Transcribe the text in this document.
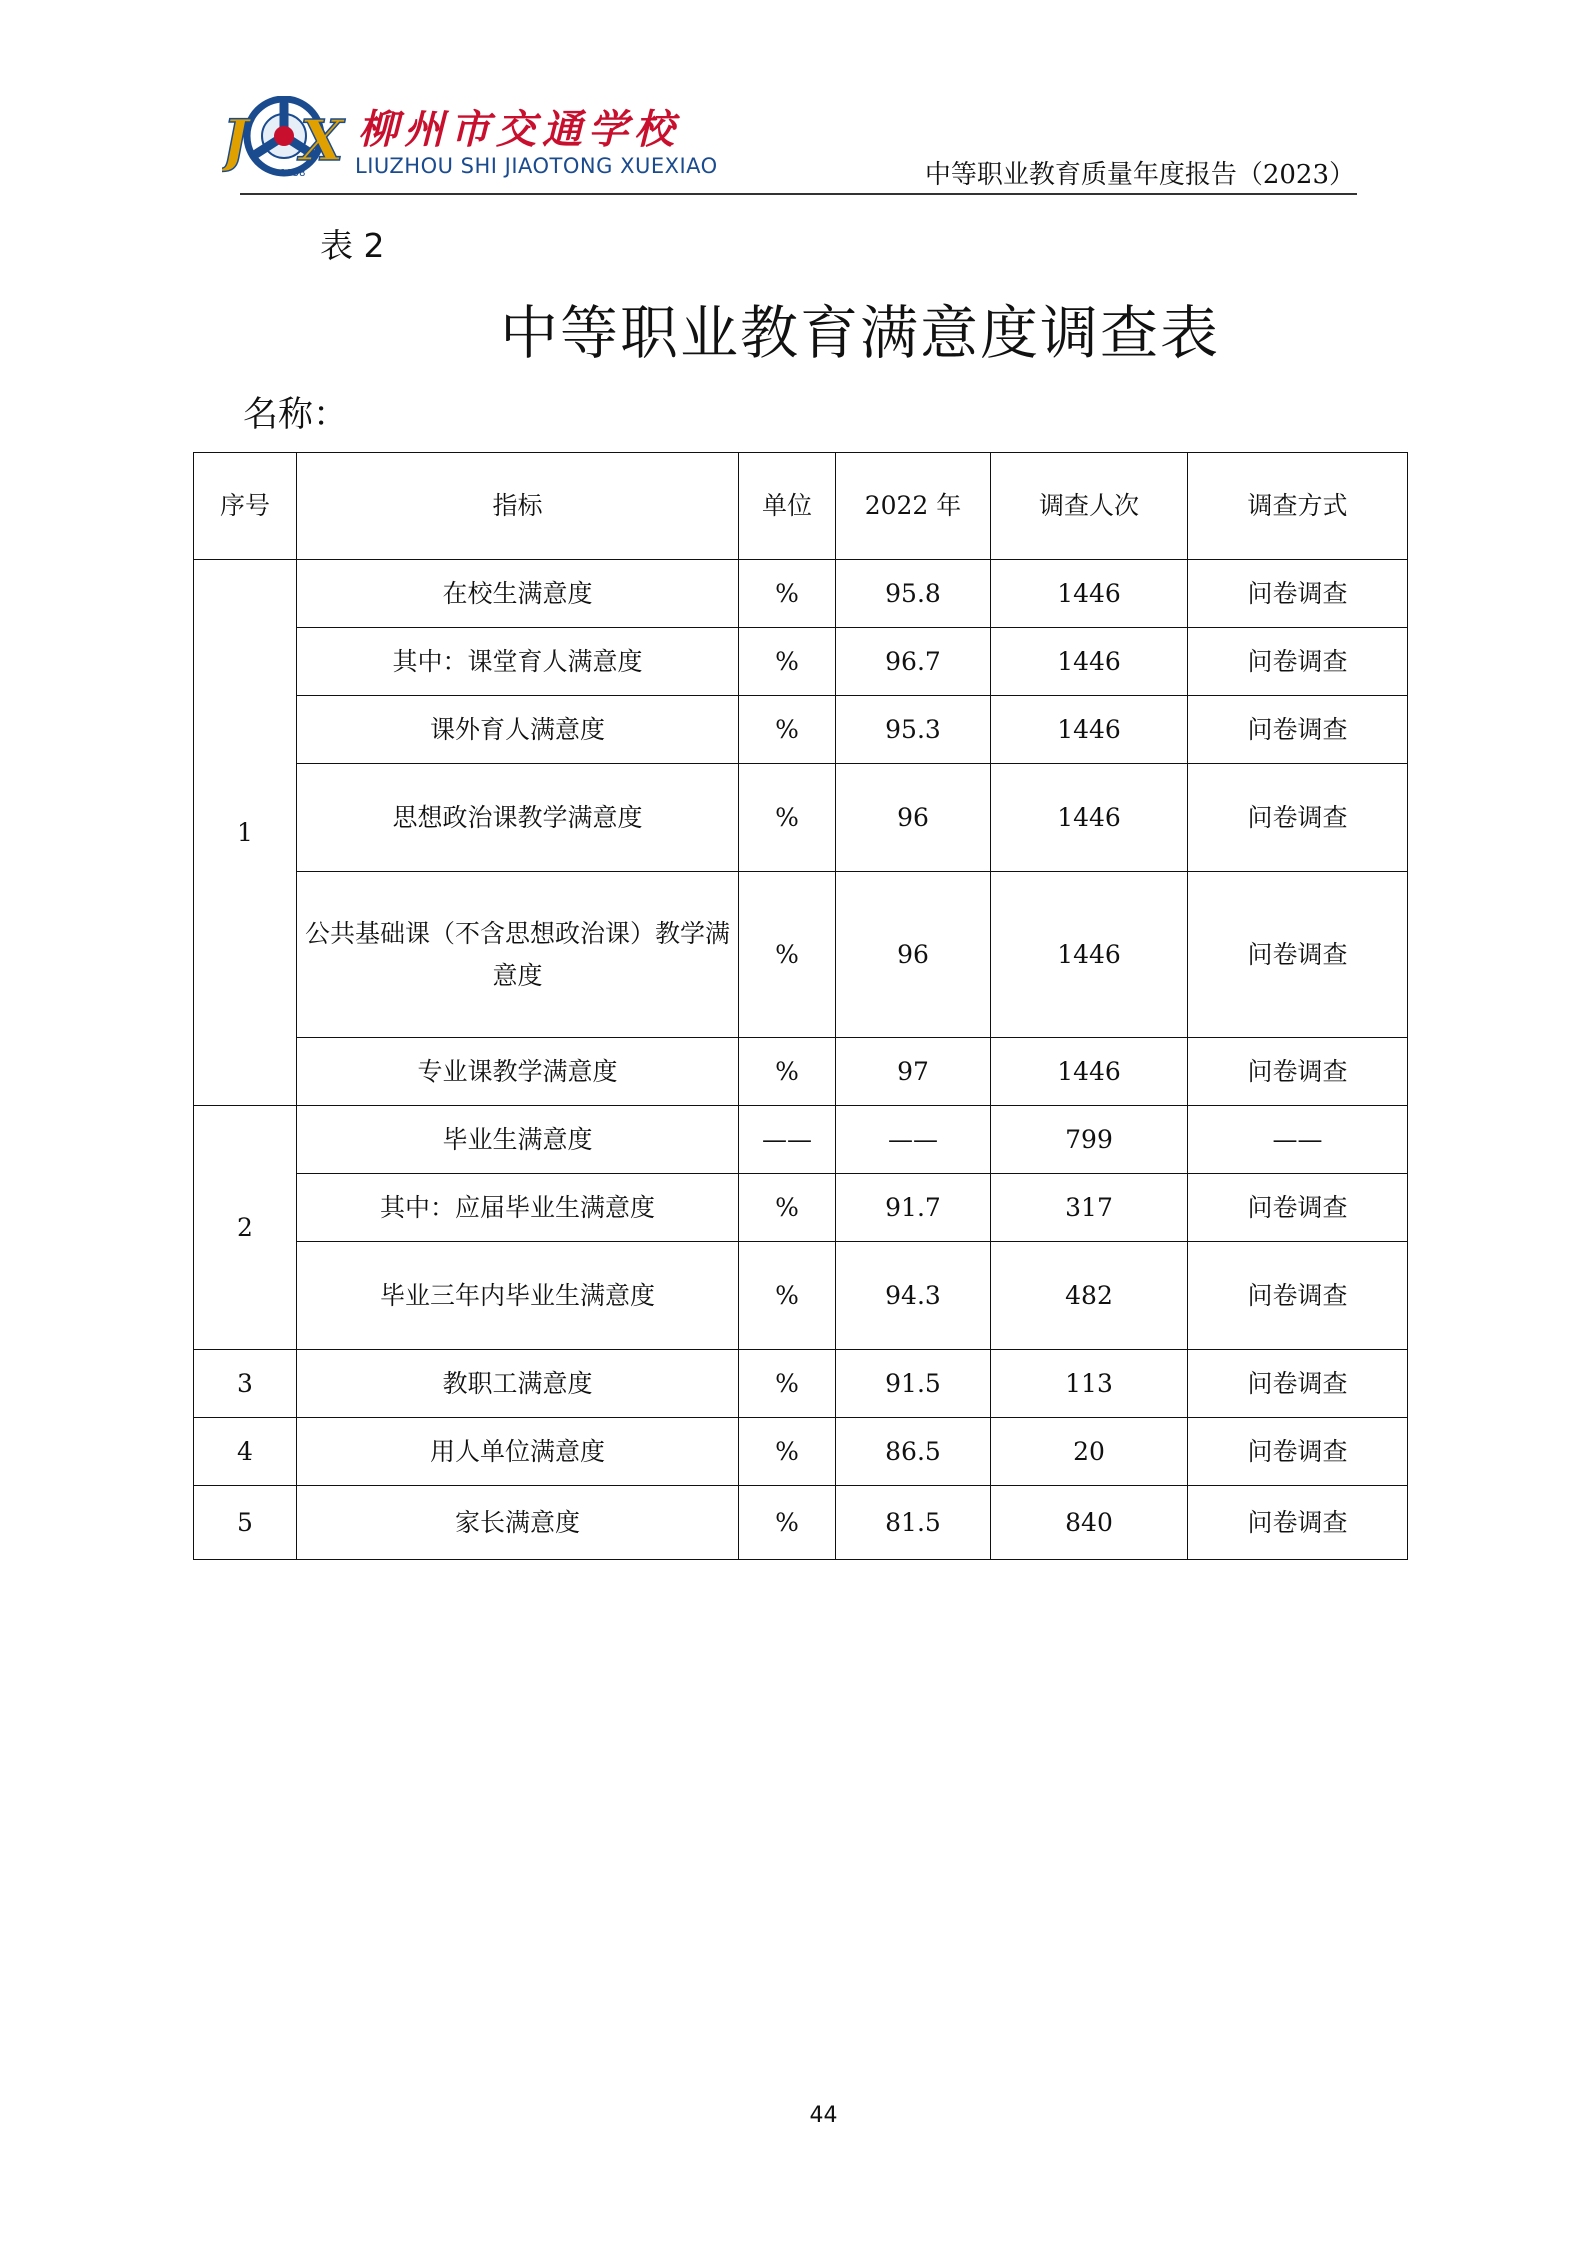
1958
J X 柳州市交通学校
LIUZHOU SHI JIAOTONG XUEXIAO	中等职业教育质量年度报告（2023）
表 2
中等职业教育满意度调查表
名称：
序号	指标	单位	2022 年	调查人次	调查方式
1	在校生满意度	%	95.8	1446	问卷调查
	其中：课堂育人满意度	%	96.7	1446	问卷调查
	课外育人满意度	%	95.3	1446	问卷调查
	思想政治课教学满意度	%	96	1446	问卷调查
	公共基础课（不含思想政治课）教学满意度	%	96	1446	问卷调查
	专业课教学满意度	%	97	1446	问卷调查
2	毕业生满意度	——	——	799	——
	其中：应届毕业生满意度	%	91.7	317	问卷调查
	毕业三年内毕业生满意度	%	94.3	482	问卷调查
3	教职工满意度	%	91.5	113	问卷调查
4	用人单位满意度	%	86.5	20	问卷调查
5	家长满意度	%	81.5	840	问卷调查
44
